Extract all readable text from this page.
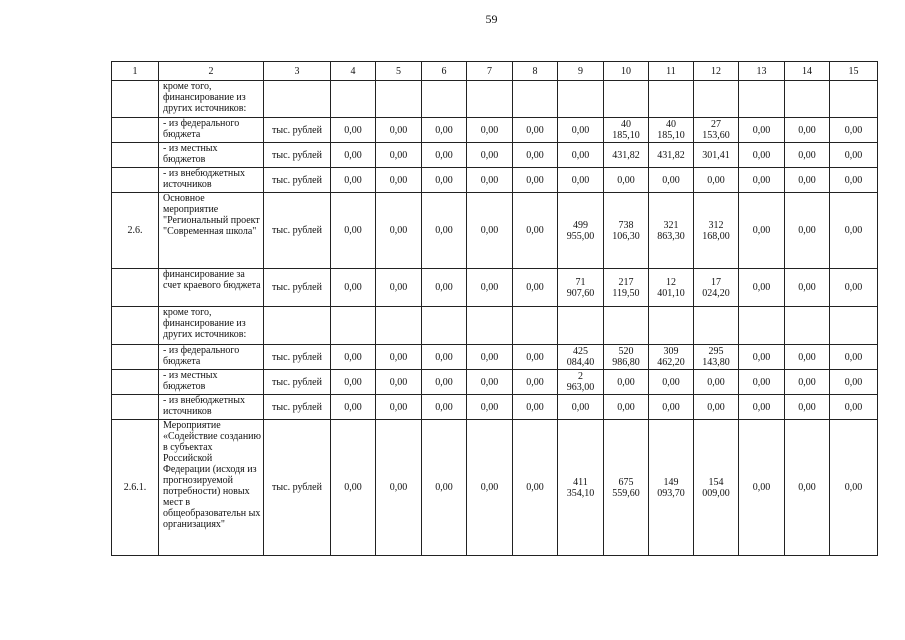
59
1	2	3	4	5	6	7	8	9	10	11	12	13	14	15
	кроме того, финансирование из других источников:													
	- из федерального бюджета	тыс. рублей	0,00	0,00	0,00	0,00	0,00	0,00	40
185,10	40
185,10	27
153,60	0,00	0,00	0,00
	- из местных бюджетов	тыс. рублей	0,00	0,00	0,00	0,00	0,00	0,00	431,82	431,82	301,41	0,00	0,00	0,00
	- из внебюджетных источников	тыс. рублей	0,00	0,00	0,00	0,00	0,00	0,00	0,00	0,00	0,00	0,00	0,00	0,00
2.6.	Основное мероприятие "Региональный проект "Современная школа"	тыс. рублей	0,00	0,00	0,00	0,00	0,00	499
955,00	738
106,30	321
863,30	312
168,00	0,00	0,00	0,00
	финансирование за счет краевого бюджета	тыс. рублей	0,00	0,00	0,00	0,00	0,00	71
907,60	217
119,50	12
401,10	17
024,20	0,00	0,00	0,00
	кроме того, финансирование из других источников:													
	- из федерального бюджета	тыс. рублей	0,00	0,00	0,00	0,00	0,00	425
084,40	520
986,80	309
462,20	295
143,80	0,00	0,00	0,00
	- из местных бюджетов	тыс. рублей	0,00	0,00	0,00	0,00	0,00	2
963,00	0,00	0,00	0,00	0,00	0,00	0,00
	- из внебюджетных источников	тыс. рублей	0,00	0,00	0,00	0,00	0,00	0,00	0,00	0,00	0,00	0,00	0,00	0,00
2.6.1.	Мероприятие «Содействие созданию в субъектах Российской Федерации (исходя из прогнозируемой потребности) новых мест в общеобразовательн ых организациях"	тыс. рублей	0,00	0,00	0,00	0,00	0,00	411
354,10	675
559,60	149
093,70	154
009,00	0,00	0,00	0,00
